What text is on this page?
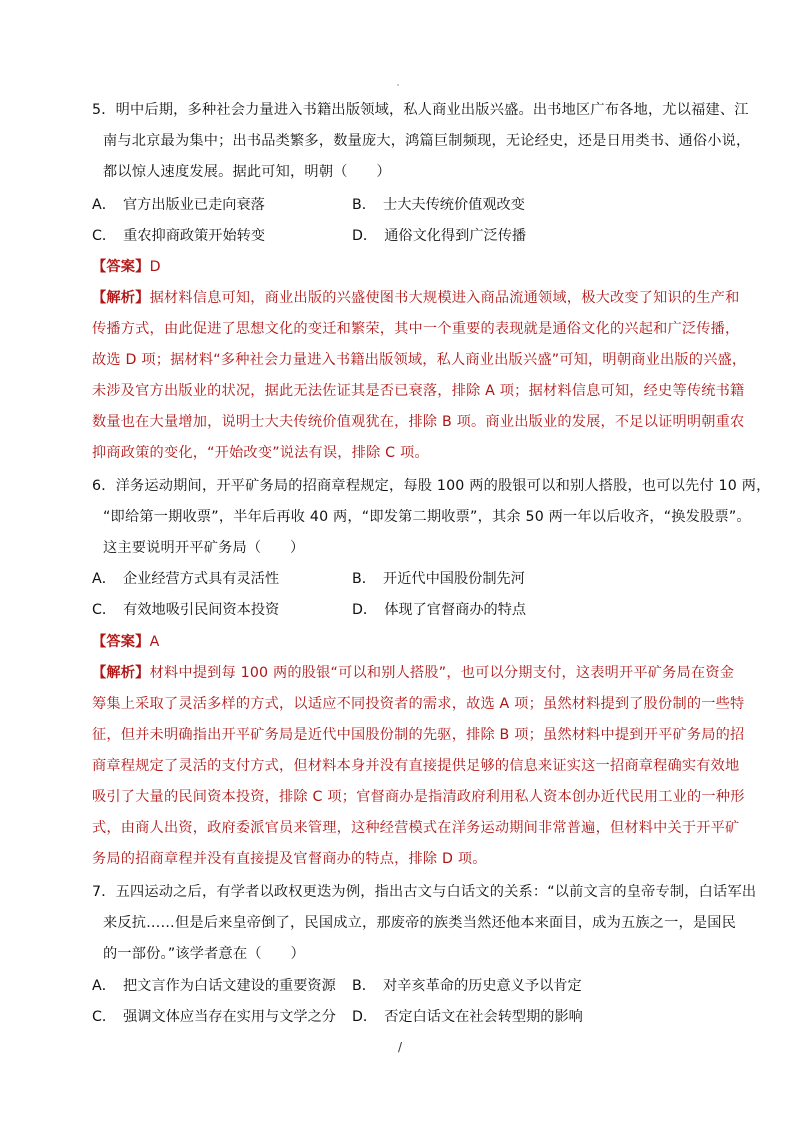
5．明中后期，多种社会力量进入书籍出版领域，私人商业出版兴盛。出书地区广布各地，尤以福建、江
南与北京最为集中；出书品类繁多，数量庞大，鸿篇巨制频现，无论经史，还是日用类书、通俗小说，
都以惊人速度发展。据此可知，明朝（　　）
A．　官方出版业已走向衰落	B．　士大夫传统价值观改变
C．　重农抑商政策开始转变	D．　通俗文化得到广泛传播
【答案】D
【解析】据材料信息可知，商业出版的兴盛使图书大规模进入商品流通领域，极大改变了知识的生产和
传播方式，由此促进了思想文化的变迁和繁荣，其中一个重要的表现就是通俗文化的兴起和广泛传播，
故选 D 项；据材料“多种社会力量进入书籍出版领域，私人商业出版兴盛”可知，明朝商业出版的兴盛，
未涉及官方出版业的状况，据此无法佐证其是否已衰落，排除 A 项；据材料信息可知，经史等传统书籍
数量也在大量增加，说明士大夫传统价值观犹在，排除 B 项。商业出版业的发展，不足以证明明朝重农
抑商政策的变化，“开始改变”说法有误，排除 C 项。
6．洋务运动期间，开平矿务局的招商章程规定，每股 100 两的股银可以和别人搭股，也可以先付 10 两，
“即给第一期收票”，半年后再收 40 两，“即发第二期收票”，其余 50 两一年以后收齐，“换发股票”。
这主要说明开平矿务局（　　）
A．　企业经营方式具有灵活性	B．　开近代中国股份制先河
C．　有效地吸引民间资本投资	D．　体现了官督商办的特点
【答案】A
【解析】材料中提到每 100 两的股银“可以和别人搭股”，也可以分期支付，这表明开平矿务局在资金
筹集上采取了灵活多样的方式，以适应不同投资者的需求，故选 A 项；虽然材料提到了股份制的一些特
征，但并未明确指出开平矿务局是近代中国股份制的先驱，排除 B 项；虽然材料中提到开平矿务局的招
商章程规定了灵活的支付方式，但材料本身并没有直接提供足够的信息来证实这一招商章程确实有效地
吸引了大量的民间资本投资，排除 C 项；官督商办是指清政府利用私人资本创办近代民用工业的一种形
式，由商人出资，政府委派官员来管理，这种经营模式在洋务运动期间非常普遍，但材料中关于开平矿
务局的招商章程并没有直接提及官督商办的特点，排除 D 项。
7．五四运动之后，有学者以政权更迭为例，指出古文与白话文的关系：“以前文言的皇帝专制，白话军出
来反抗……但是后来皇帝倒了，民国成立，那废帝的族类当然还他本来面目，成为五族之一，是国民
的一部份。”该学者意在（　　）
A．　把文言作为白话文建设的重要资源 B．　对辛亥革命的历史意义予以肯定
C．　强调文体应当存在实用与文学之分 D．　否定白话文在社会转型期的影响
/
